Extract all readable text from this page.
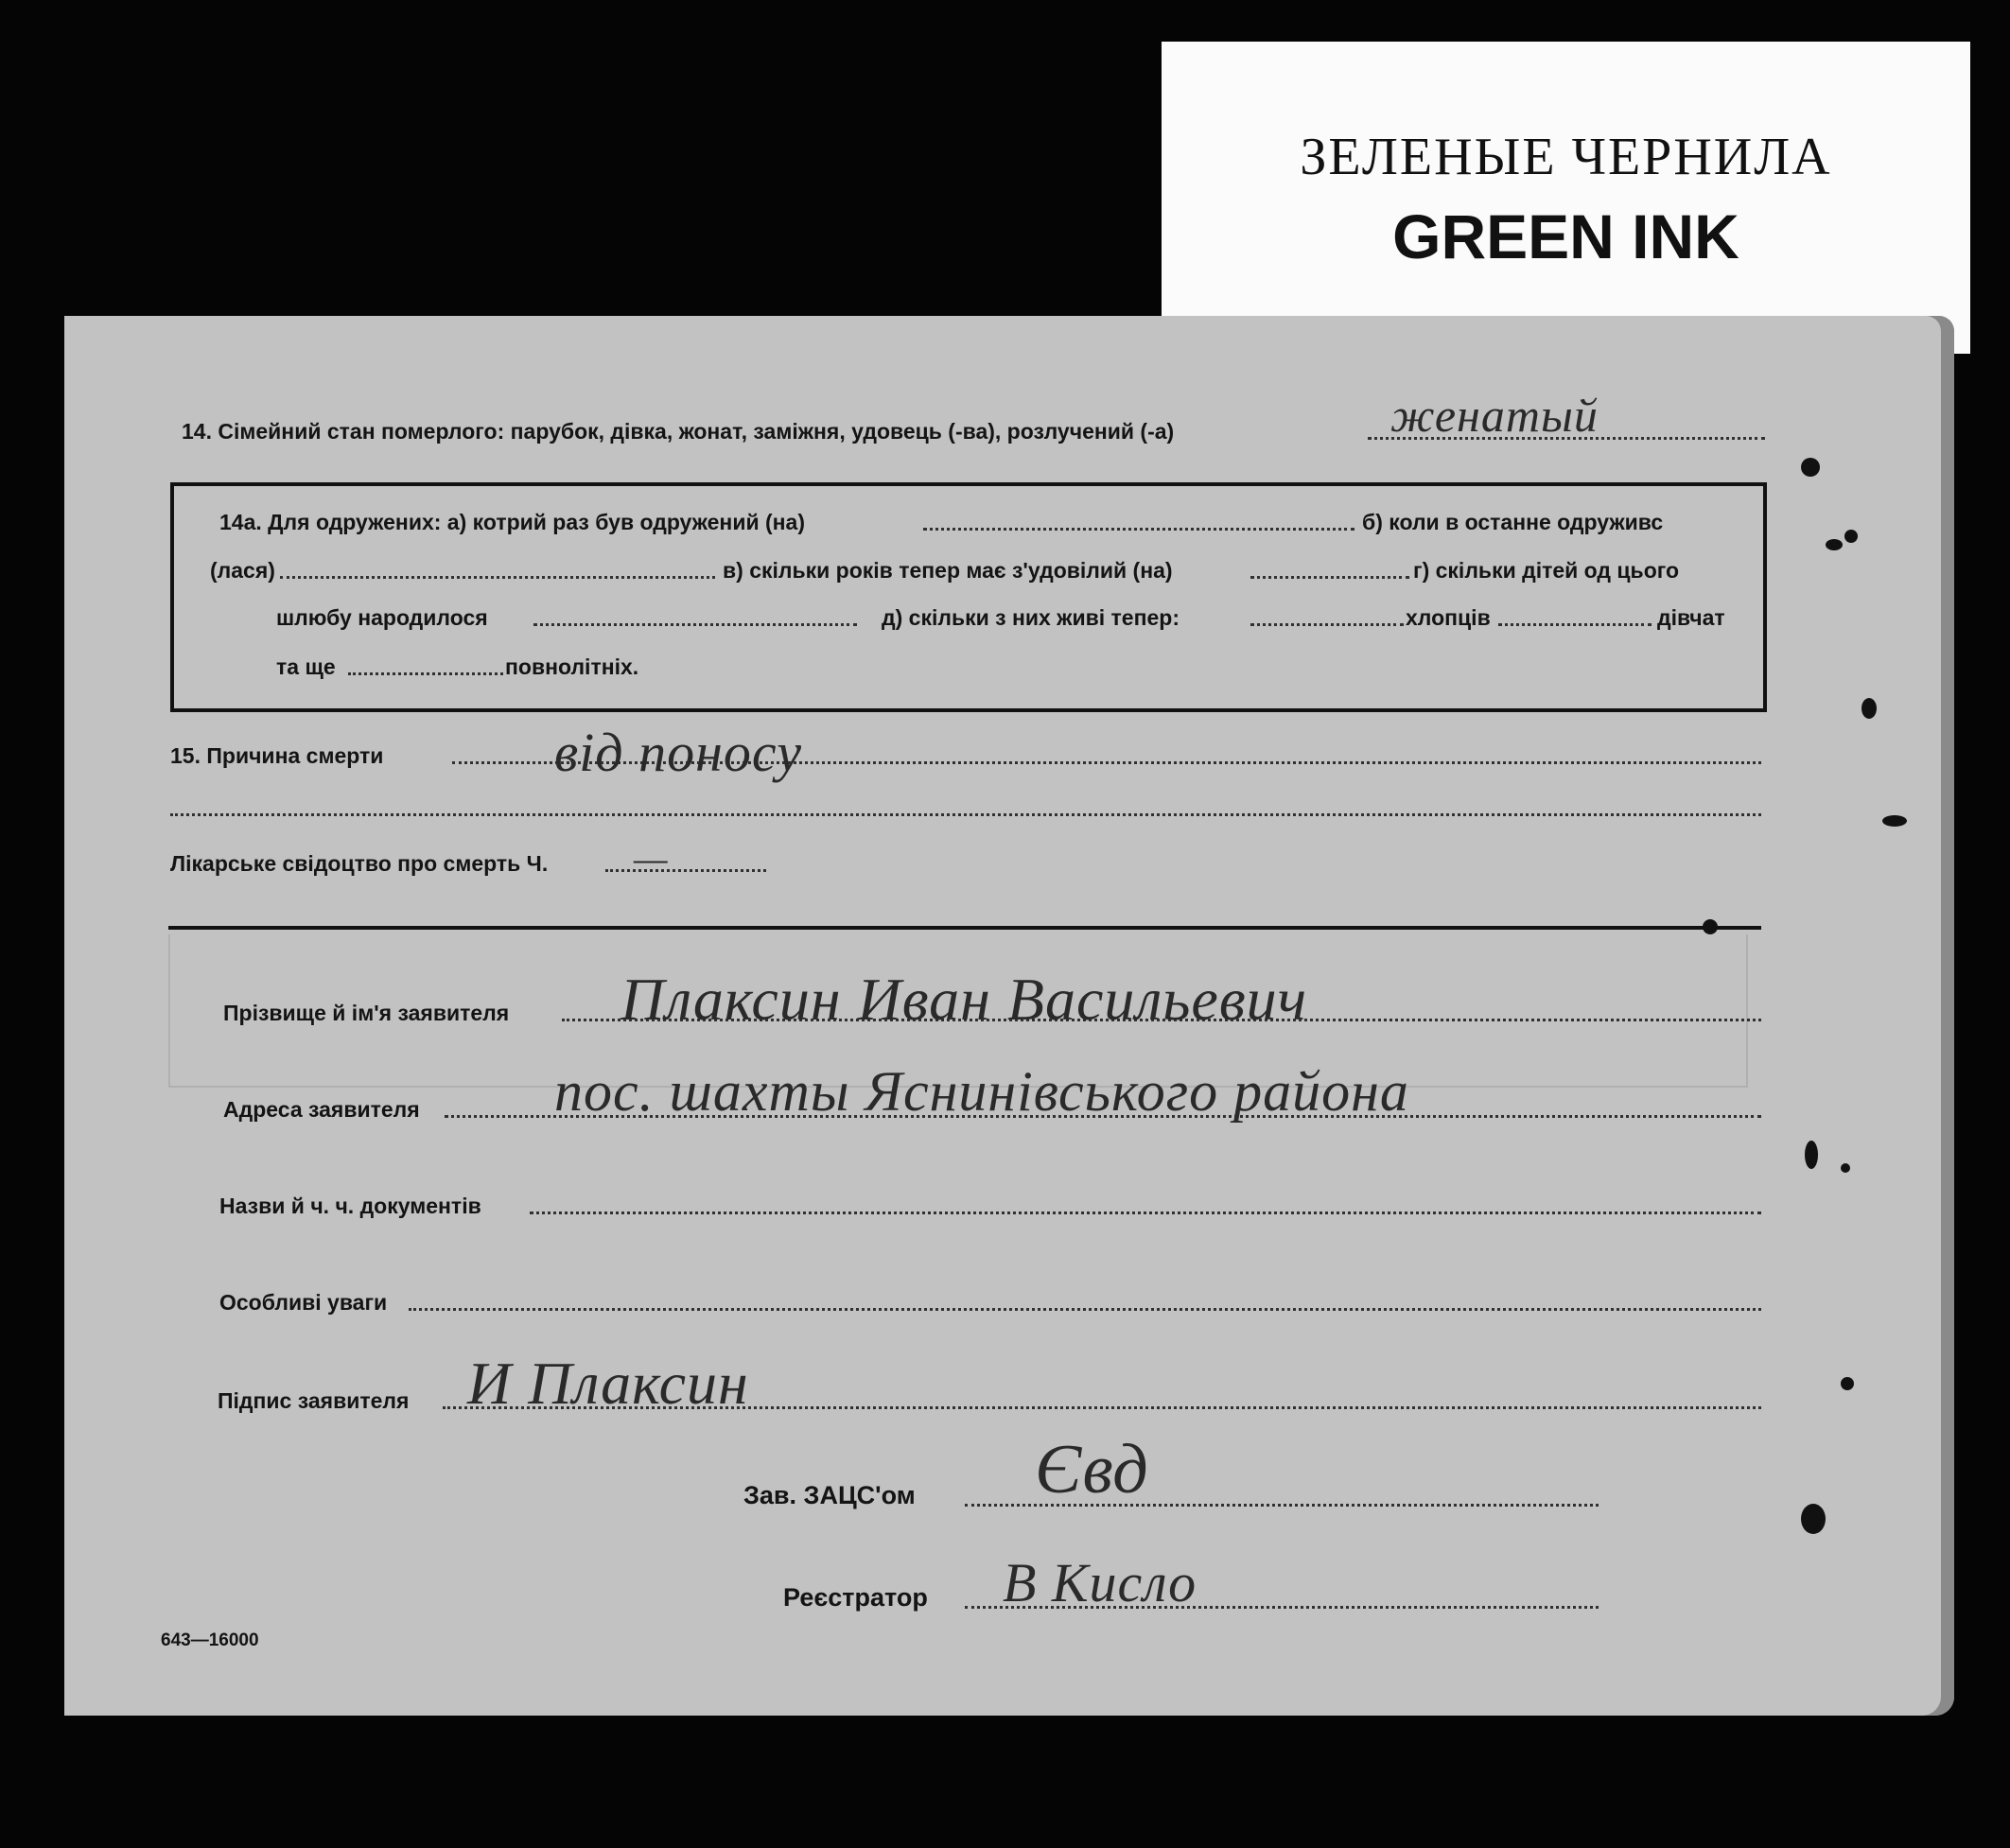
ЗЕЛЕНЫЕ ЧЕРНИЛА
GREEN INK
14. Сімейний стан померлого: парубок, дівка, жонат, заміжня, удовець (-ва), розлучений (-а)	женатый
14а. Для одружених: а) котрий раз був одружений (на)	б) коли в останне одруживс
(лася)	в) скільки років тепер має з'удовілий (на)	г) скільки дітей од цього
шлюбу народилося	д) скільки з них живі тепер:	хлопців	дівчат
та ще	повнолітніх.
15. Причина смерти	від поносу
Лікарське свідоцтво про смерть Ч. —
Прізвище й ім'я заявителя Плаксин Иван Васильевич
Адреса заявителя пос. шахты Яснинівського района
Назви й ч. ч. документів
Особливі уваги
Підпис заявителя И Плаксин
Зав. ЗАЦС'ом Євд
Реєстратор В Кисло
643—16000
